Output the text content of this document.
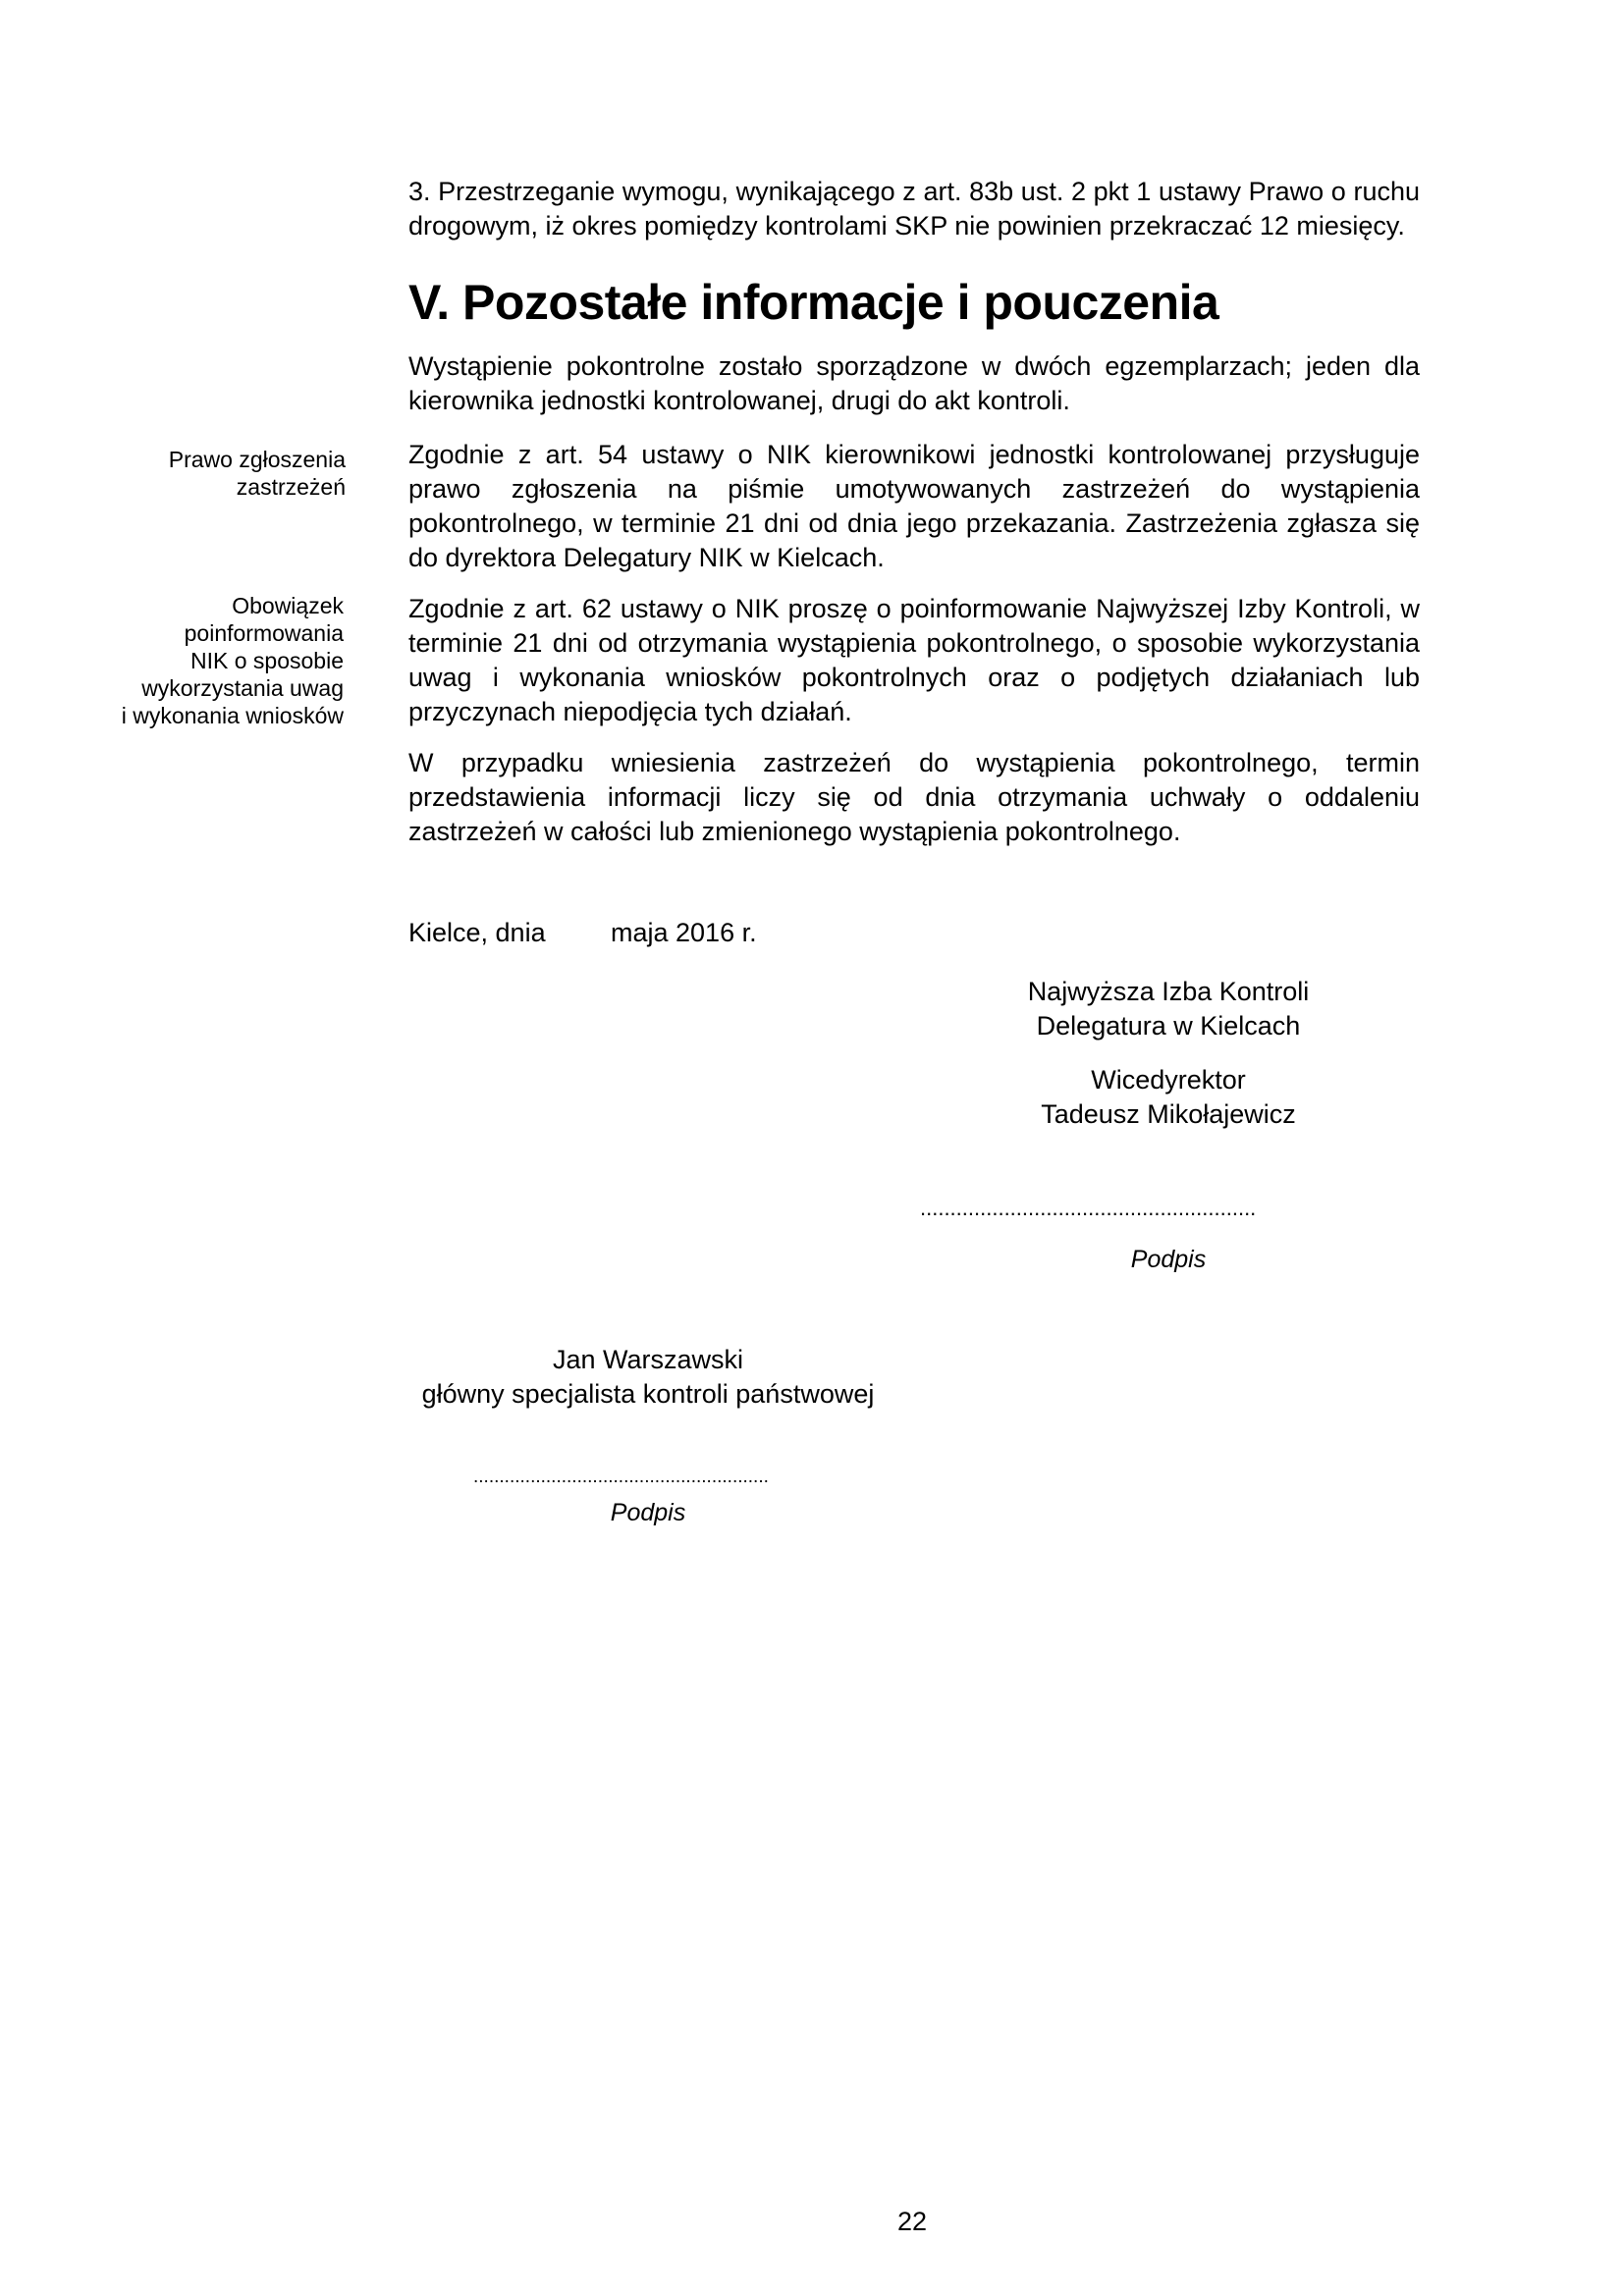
3. Przestrzeganie wymogu, wynikającego z art. 83b ust. 2 pkt 1 ustawy Prawo o ruchu drogowym, iż okres pomiędzy kontrolami SKP nie powinien przekraczać 12 miesięcy.

V. Pozostałe informacje i pouczenia

Wystąpienie pokontrolne zostało sporządzone w dwóch egzemplarzach; jeden dla kierownika jednostki kontrolowanej, drugi do akt kontroli.

Zgodnie z art. 54 ustawy o NIK kierownikowi jednostki kontrolowanej przysługuje prawo zgłoszenia na piśmie umotywowanych zastrzeżeń do wystąpienia pokontrolnego, w terminie 21 dni od dnia jego przekazania. Zastrzeżenia zgłasza się do dyrektora Delegatury NIK w Kielcach.

Zgodnie z art. 62 ustawy o NIK proszę o poinformowanie Najwyższej Izby Kontroli, w terminie 21 dni od otrzymania wystąpienia pokontrolnego, o sposobie wykorzystania uwag i wykonania wniosków pokontrolnych oraz o podjętych działaniach lub przyczynach niepodjęcia tych działań.

W przypadku wniesienia zastrzeżeń do wystąpienia pokontrolnego, termin przedstawienia informacji liczy się od dnia otrzymania uchwały o oddaleniu zastrzeżeń w całości lub zmienionego wystąpienia pokontrolnego.

Prawo zgłoszenia
zastrzeżeń
Obowiązek
poinformowania
NIK o sposobie
wykorzystania uwag
i wykonania wniosków
Kielce, dnia maja 2016 r.
Najwyższa Izba Kontroli
Delegatura w Kielcach
Wicedyrektor
Tadeusz Mikołajewicz
........................................................
Podpis
Jan Warszawski
główny specjalista kontroli państwowej
.........................................................
Podpis
22
